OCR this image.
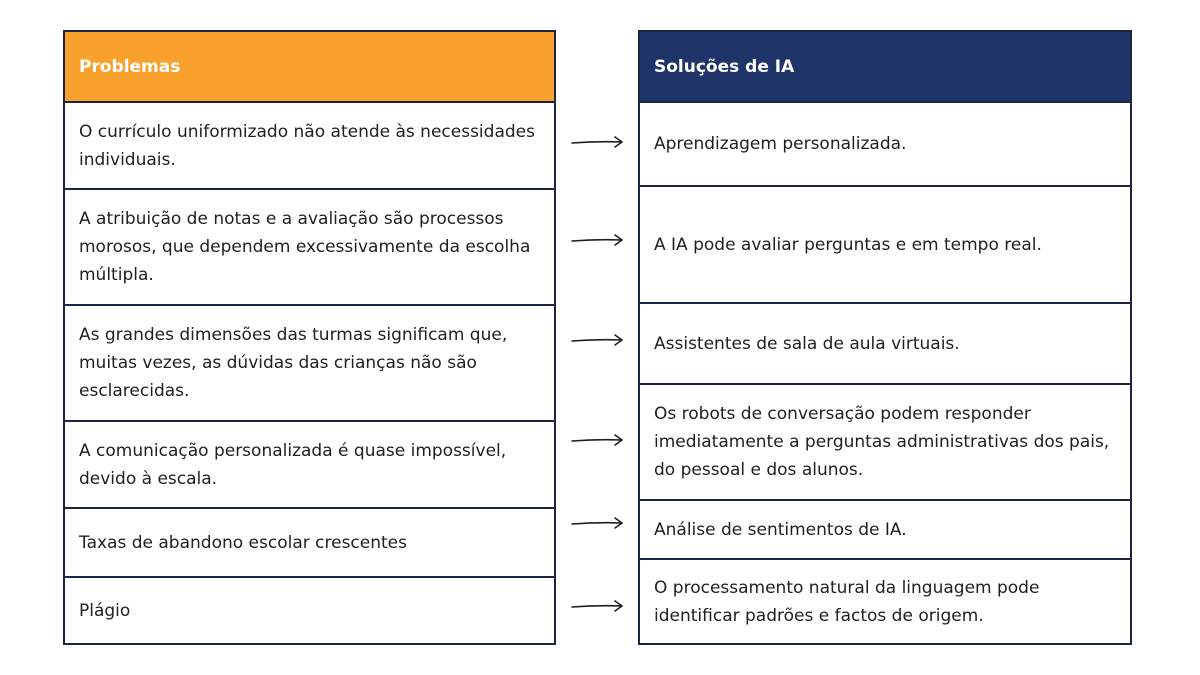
Problemas
O currículo uniformizado não atende às necessidades individuais.
A atribuição de notas e a avaliação são processos morosos, que dependem excessivamente da escolha múltipla.
As grandes dimensões das turmas significam que, muitas vezes, as dúvidas das crianças não são esclarecidas.
A comunicação personalizada é quase impossível, devido à escala.
Taxas de abandono escolar crescentes
Plágio
Soluções de IA
Aprendizagem personalizada.
A IA pode avaliar perguntas e em tempo real.
Assistentes de sala de aula virtuais.
Os robots de conversação podem responder imediatamente a perguntas administrativas dos pais, do pessoal e dos alunos.
Análise de sentimentos de IA.
O processamento natural da linguagem pode identificar padrões e factos de origem.
